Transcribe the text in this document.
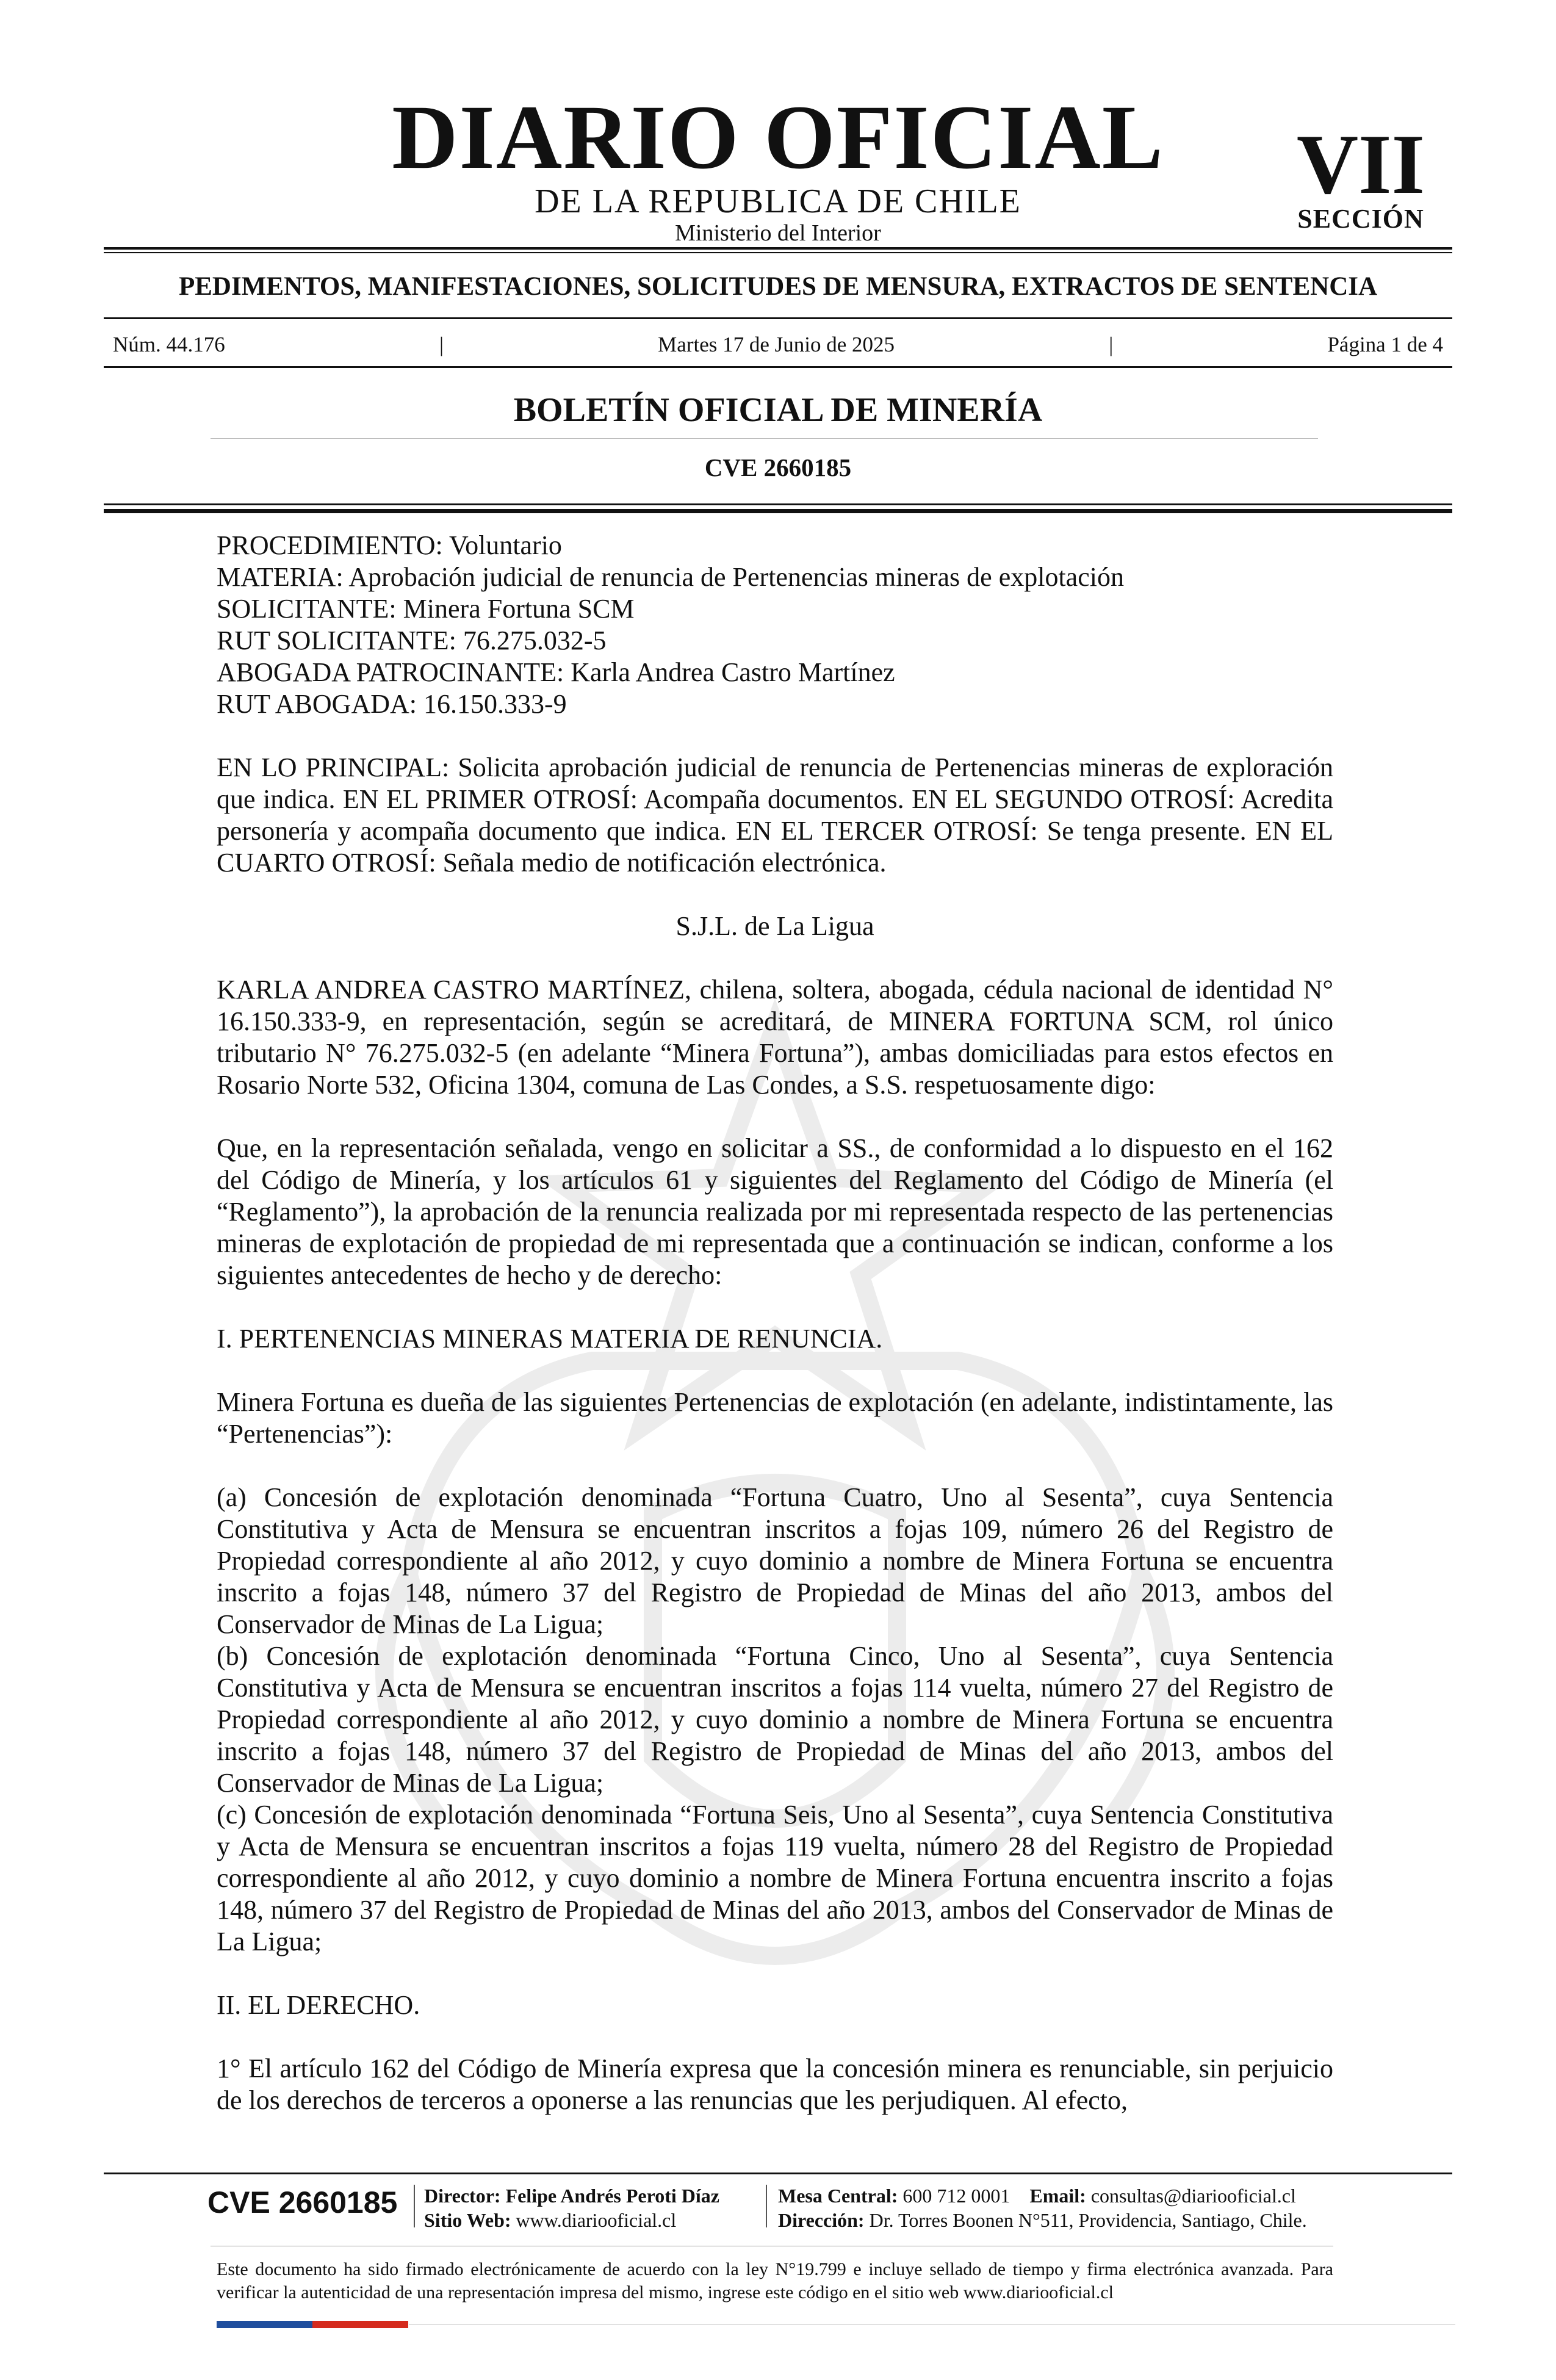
DIARIO OFICIAL
DE LA REPUBLICA DE CHILE
Ministerio del Interior
VII
SECCIÓN
PEDIMENTOS, MANIFESTACIONES, SOLICITUDES DE MENSURA, EXTRACTOS DE SENTENCIA
Núm. 44.176	|	Martes 17 de Junio de 2025	|	Página 1 de 4
BOLETÍN OFICIAL DE MINERÍA
CVE 2660185

PROCEDIMIENTO: Voluntario
MATERIA: Aprobación judicial de renuncia de Pertenencias mineras de explotación
SOLICITANTE: Minera Fortuna SCM
RUT SOLICITANTE: 76.275.032-5
ABOGADA PATROCINANTE: Karla Andrea Castro Martínez
RUT ABOGADA: 16.150.333-9

EN LO PRINCIPAL: Solicita aprobación judicial de renuncia de Pertenencias mineras de exploración que indica. EN EL PRIMER OTROSÍ: Acompaña documentos. EN EL SEGUNDO OTROSÍ: Acredita personería y acompaña documento que indica. EN EL TERCER OTROSÍ: Se tenga presente. EN EL CUARTO OTROSÍ: Señala medio de notificación electrónica.

S.J.L. de La Ligua

KARLA ANDREA CASTRO MARTÍNEZ, chilena, soltera, abogada, cédula nacional de identidad N° 16.150.333-9, en representación, según se acreditará, de MINERA FORTUNA SCM, rol único tributario N° 76.275.032-5 (en adelante “Minera Fortuna”), ambas domiciliadas para estos efectos en Rosario Norte 532, Oficina 1304, comuna de Las Condes, a S.S. respetuosamente digo:

Que, en la representación señalada, vengo en solicitar a SS., de conformidad a lo dispuesto en el 162 del Código de Minería, y los artículos 61 y siguientes del Reglamento del Código de Minería (el “Reglamento”), la aprobación de la renuncia realizada por mi representada respecto de las pertenencias mineras de explotación de propiedad de mi representada que a continuación se indican, conforme a los siguientes antecedentes de hecho y de derecho:

I. PERTENENCIAS MINERAS MATERIA DE RENUNCIA.

Minera Fortuna es dueña de las siguientes Pertenencias de explotación (en adelante, indistintamente, las “Pertenencias”):

(a) Concesión de explotación denominada “Fortuna Cuatro, Uno al Sesenta”, cuya Sentencia Constitutiva y Acta de Mensura se encuentran inscritos a fojas 109, número 26 del Registro de Propiedad correspondiente al año 2012, y cuyo dominio a nombre de Minera Fortuna se encuentra inscrito a fojas 148, número 37 del Registro de Propiedad de Minas del año 2013, ambos del Conservador de Minas de La Ligua;

(b) Concesión de explotación denominada “Fortuna Cinco, Uno al Sesenta”, cuya Sentencia Constitutiva y Acta de Mensura se encuentran inscritos a fojas 114 vuelta, número 27 del Registro de Propiedad correspondiente al año 2012, y cuyo dominio a nombre de Minera Fortuna se encuentra inscrito a fojas 148, número 37 del Registro de Propiedad de Minas del año 2013, ambos del Conservador de Minas de La Ligua;

(c) Concesión de explotación denominada “Fortuna Seis, Uno al Sesenta”, cuya Sentencia Constitutiva y Acta de Mensura se encuentran inscritos a fojas 119 vuelta, número 28 del Registro de Propiedad correspondiente al año 2012, y cuyo dominio a nombre de Minera Fortuna encuentra inscrito a fojas 148, número 37 del Registro de Propiedad de Minas del año 2013, ambos del Conservador de Minas de La Ligua;

II. EL DERECHO.

1° El artículo 162 del Código de Minería expresa que la concesión minera es renunciable, sin perjuicio de los derechos de terceros a oponerse a las renuncias que les perjudiquen. Al efecto,

CVE 2660185 Director: Felipe Andrés Peroti Díaz
Sitio Web: www.diariooficial.cl
Mesa Central: 600 712 0001 Email: consultas@diariooficial.cl
Dirección: Dr. Torres Boonen N°511, Providencia, Santiago, Chile.
Este documento ha sido firmado electrónicamente de acuerdo con la ley N°19.799 e incluye sellado de tiempo y firma electrónica avanzada. Para verificar la autenticidad de una representación impresa del mismo, ingrese este código en el sitio web www.diariooficial.cl
